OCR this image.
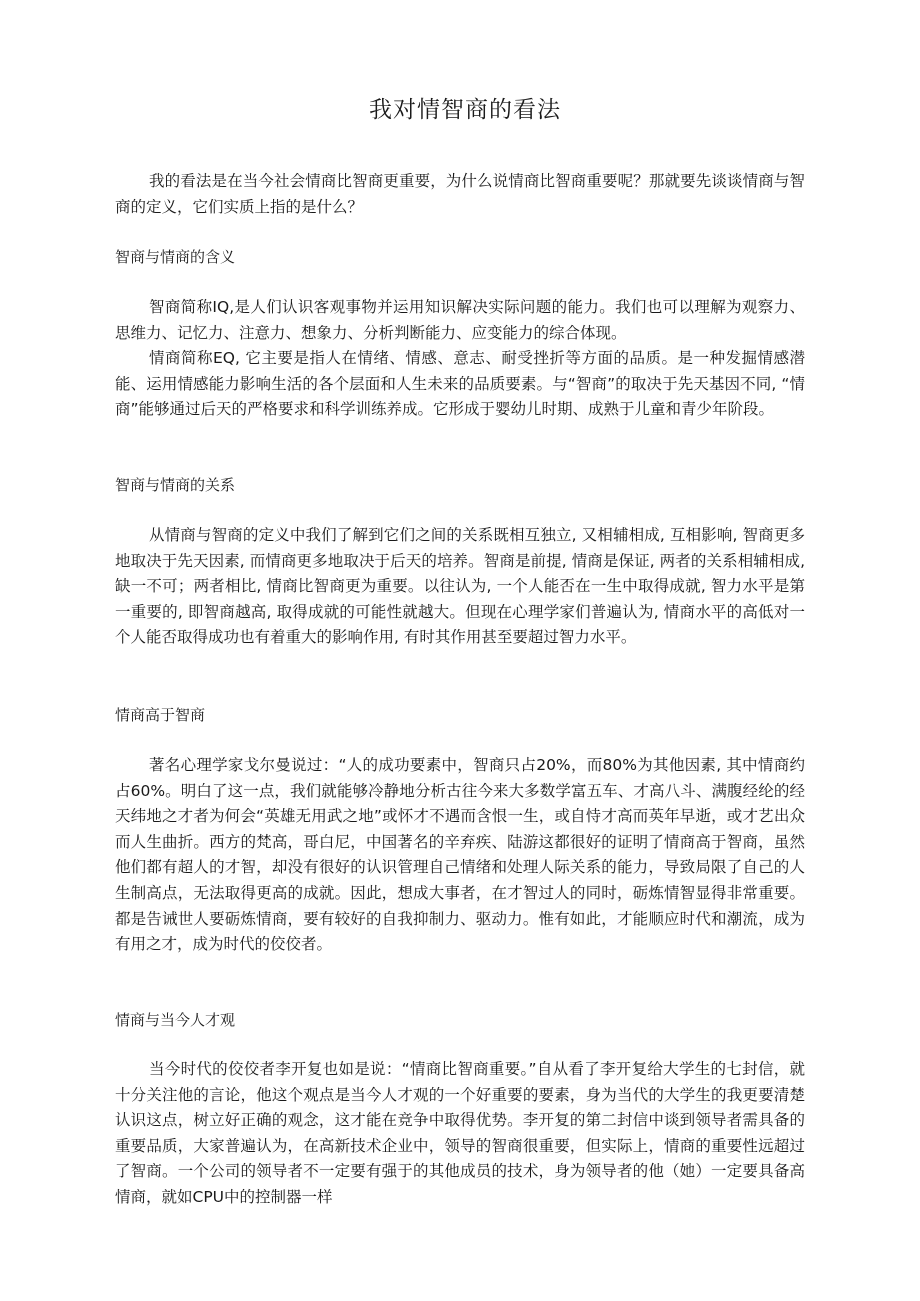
我对情智商的看法

我的看法是在当今社会情商比智商更重要，为什么说情商比智商重要呢？那就要先谈谈情商与智商的定义，它们实质上指的是什么？

智商与情商的含义

智商简称IQ,是人们认识客观事物并运用知识解决实际问题的能力。我们也可以理解为观察力、思维力、记忆力、注意力、想象力、分析判断能力、应变能力的综合体现。

情商简称EQ, 它主要是指人在情绪、情感、意志、耐受挫折等方面的品质。是一种发掘情感潜能、运用情感能力影响生活的各个层面和人生未来的品质要素。与“智商”的取决于先天基因不同, “情商”能够通过后天的严格要求和科学训练养成。它形成于婴幼儿时期、成熟于儿童和青少年阶段。

智商与情商的关系

从情商与智商的定义中我们了解到它们之间的关系既相互独立, 又相辅相成, 互相影响, 智商更多地取决于先天因素, 而情商更多地取决于后天的培养。智商是前提, 情商是保证, 两者的关系相辅相成, 缺一不可；两者相比, 情商比智商更为重要。以往认为, 一个人能否在一生中取得成就, 智力水平是第一重要的, 即智商越高, 取得成就的可能性就越大。但现在心理学家们普遍认为, 情商水平的高低对一个人能否取得成功也有着重大的影响作用, 有时其作用甚至要超过智力水平。

情商高于智商

著名心理学家戈尔曼说过：“人的成功要素中，智商只占20%，而80%为其他因素, 其中情商约占60%。明白了这一点，我们就能够冷静地分析古往今来大多数学富五车、才高八斗、满腹经纶的经天纬地之才者为何会“英雄无用武之地”或怀才不遇而含恨一生，或自恃才高而英年早逝，或才艺出众而人生曲折。西方的梵高，哥白尼，中国著名的辛弃疾、陆游这都很好的证明了情商高于智商，虽然他们都有超人的才智，却没有很好的认识管理自己情绪和处理人际关系的能力，导致局限了自己的人生制高点，无法取得更高的成就。因此，想成大事者，在才智过人的同时，砺炼情智显得非常重要。都是告诫世人要砺炼情商，要有较好的自我抑制力、驱动力。惟有如此，才能顺应时代和潮流，成为有用之才，成为时代的佼佼者。

情商与当今人才观

当今时代的佼佼者李开复也如是说：“情商比智商重要。”自从看了李开复给大学生的七封信，就十分关注他的言论，他这个观点是当今人才观的一个好重要的要素，身为当代的大学生的我更要清楚认识这点，树立好正确的观念，这才能在竞争中取得优势。李开复的第二封信中谈到领导者需具备的重要品质，大家普遍认为，在高新技术企业中，领导的智商很重要，但实际上，情商的重要性远超过了智商。一个公司的领导者不一定要有强于的其他成员的技术，身为领导者的他（她）一定要具备高情商，就如CPU中的控制器一样
